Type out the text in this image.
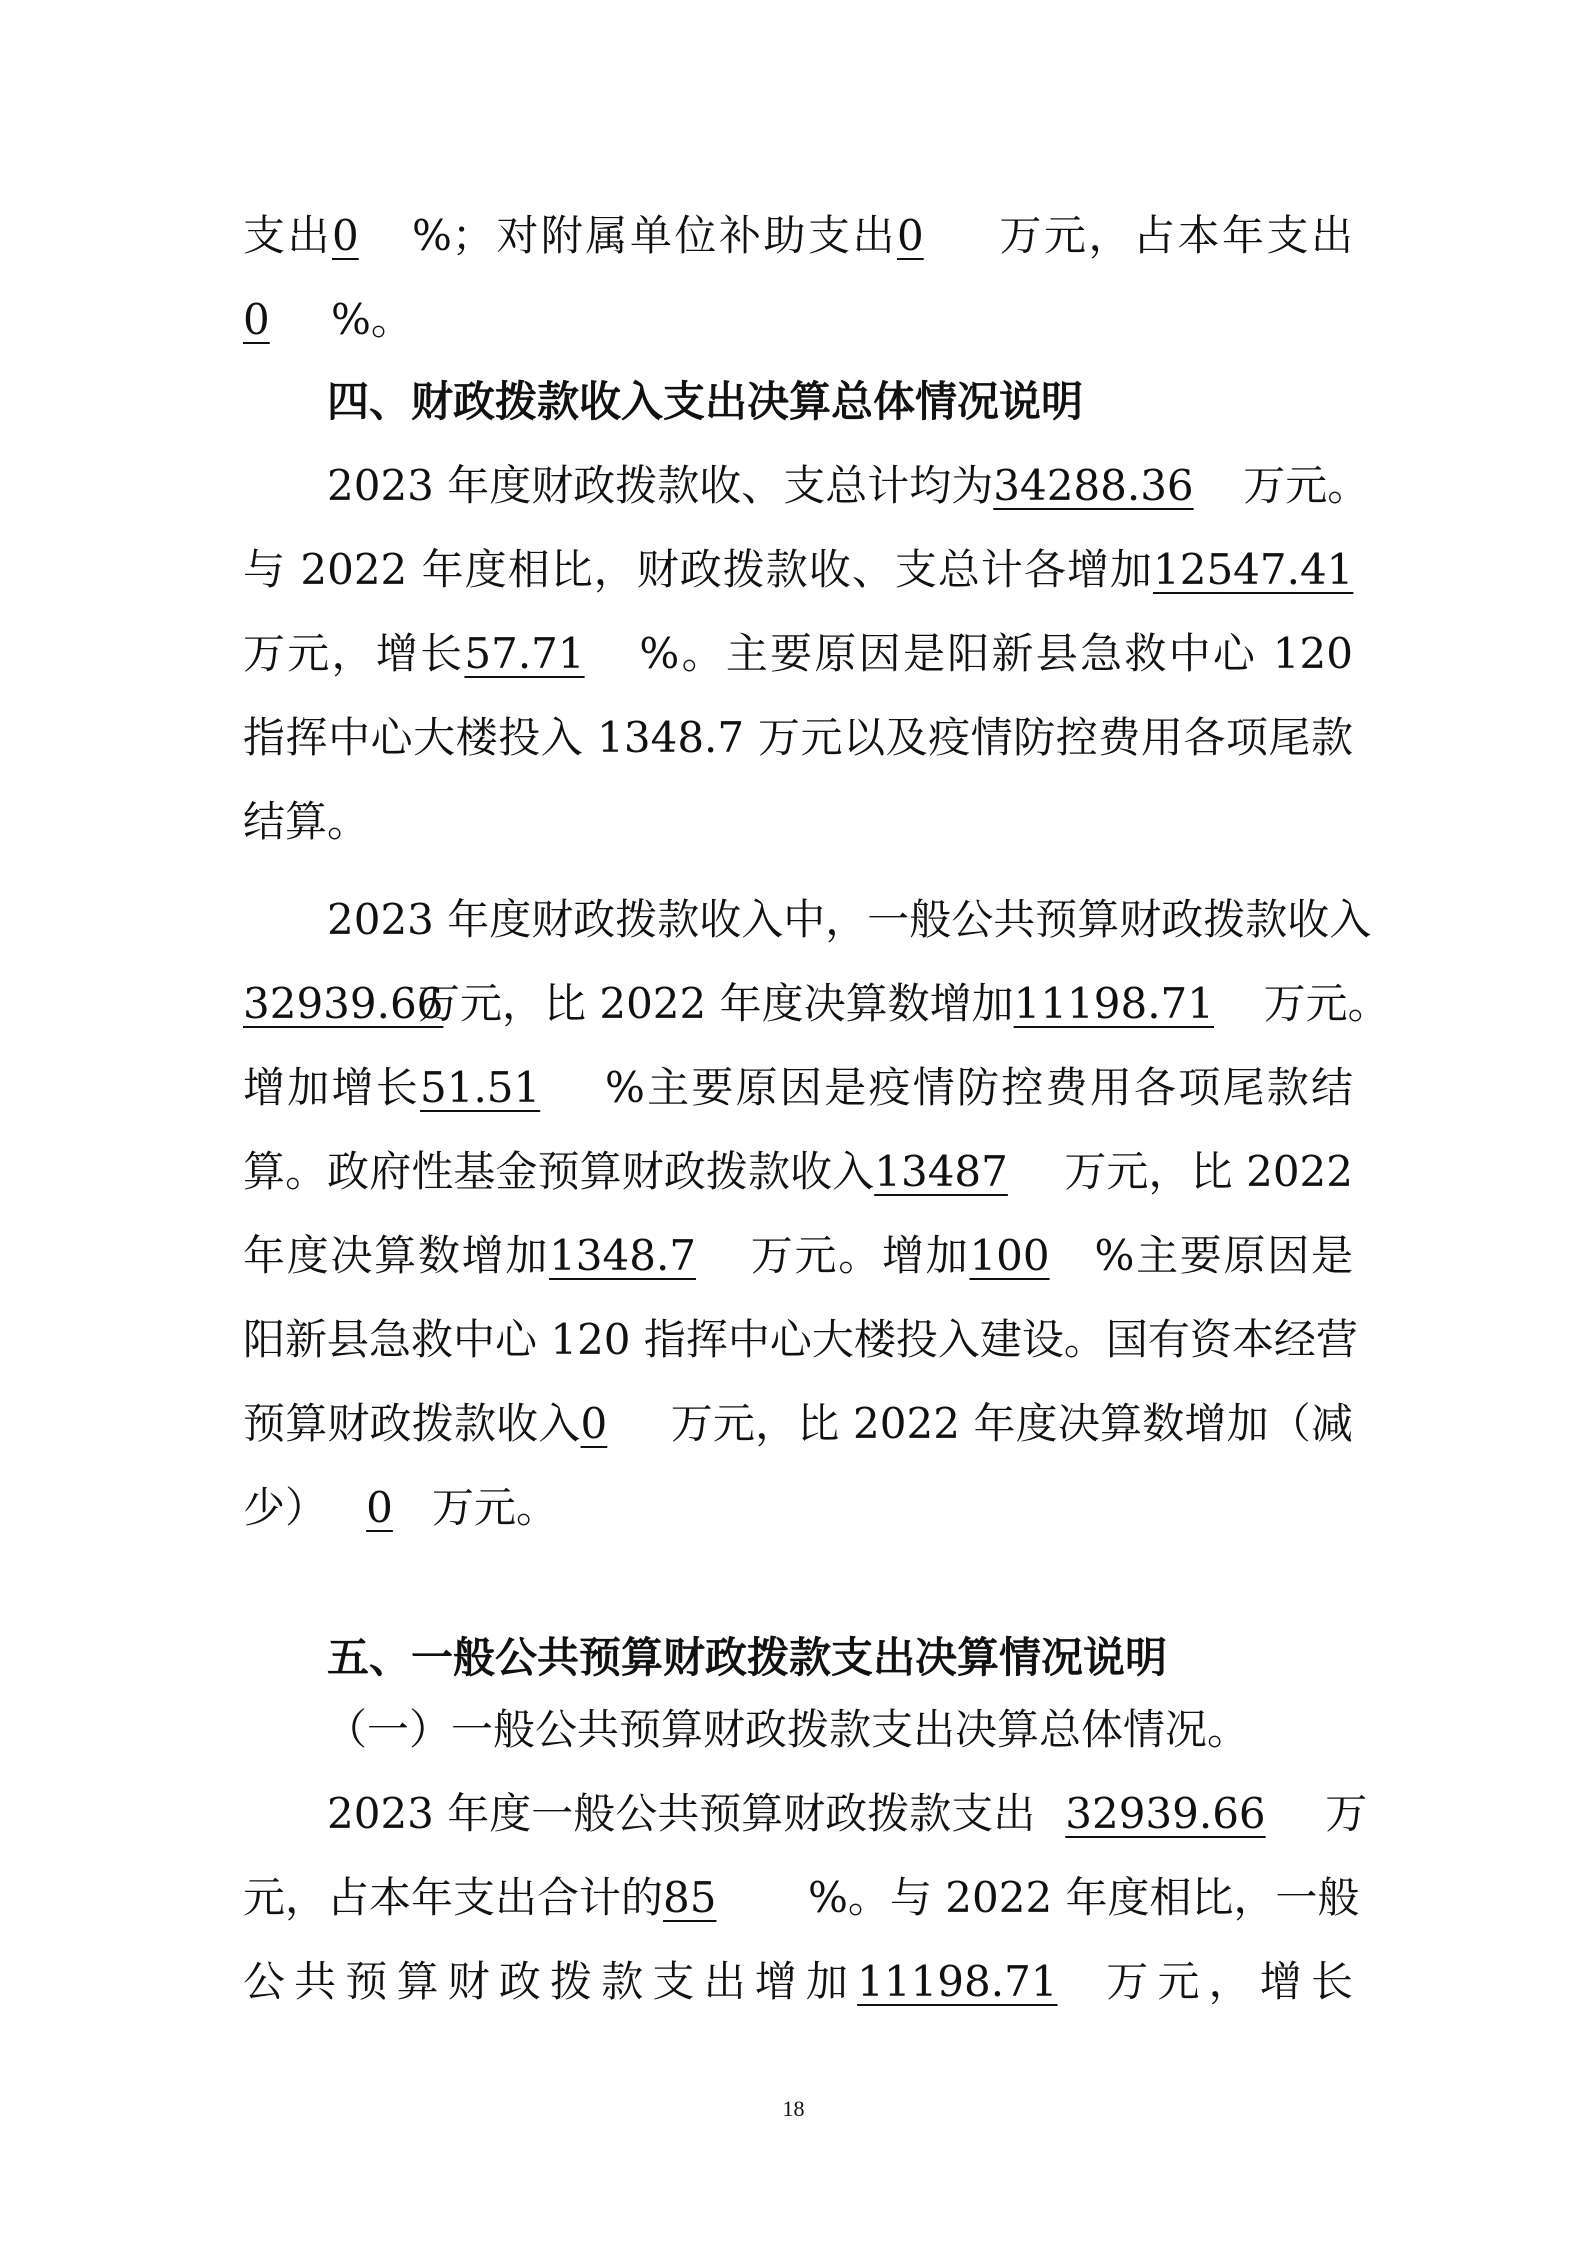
支出0 %；对附属单位补助支出0 万元，占本年支出
0 %。
四、财政拨款收入支出决算总体情况说明
2023 年度财政拨款收、支总计均为34288.36 万元。
与 2022 年度相比，财政拨款收、支总计各增加12547.41
万元，增长57.71 %。主要原因是阳新县急救中心 120
指挥中心大楼投入 1348.7 万元以及疫情防控费用各项尾款
结算。
2023 年度财政拨款收入中，一般公共预算财政拨款收入
32939.66万元，比 2022 年度决算数增加11198.71 万元。
增加增长51.51 %主要原因是疫情防控费用各项尾款结
算。政府性基金预算财政拨款收入13487 万元，比 2022
年度决算数增加1348.7 万元。增加100 %主要原因是
阳新县急救中心 120 指挥中心大楼投入建设。国有资本经营
预算财政拨款收入0 万元，比 2022 年度决算数增加（减
少） 0 万元。
五、一般公共预算财政拨款支出决算情况说明
（一）一般公共预算财政拨款支出决算总体情况。
2023 年度一般公共预算财政拨款支出 32939.66 万
元，占本年支出合计的85 %。与 2022 年度相比，一般
公共预算财政拨款支出增加11198.71 万元，增长
18
